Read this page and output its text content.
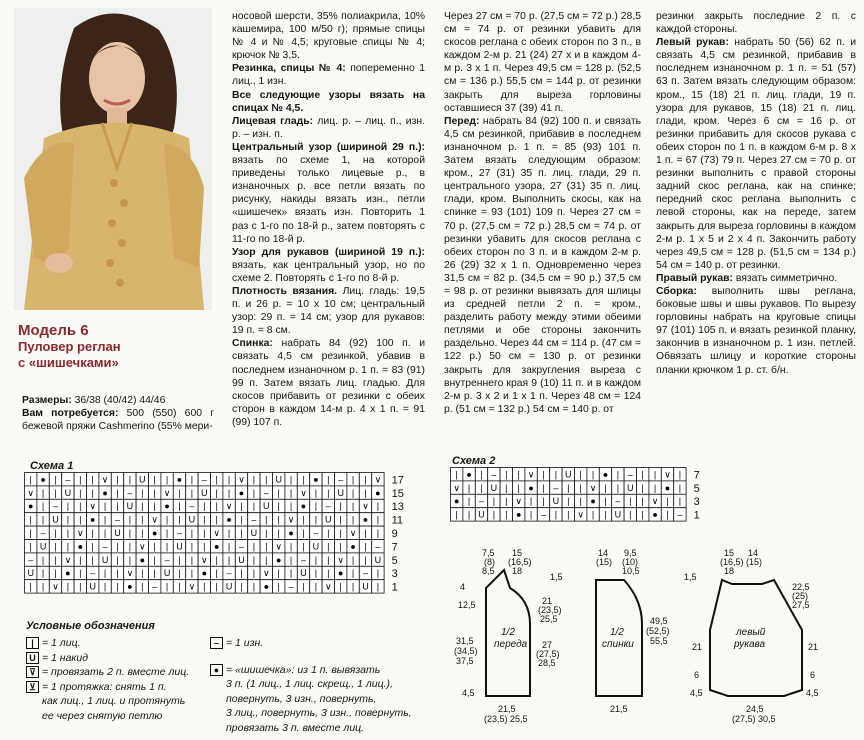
Модель 6
Пуловер реглан
с «шишечками»

Размеры: 36/38 (40/42) 44/46

Вам потребуется: 500 (550) 600 г бежевой пряжи Cashmerino (55% мери-

носовой шерсти, 35% полиакрила, 10% кашемира, 100 м/50 г); прямые спицы № 4 и № 4,5; круговые спицы № 4; крючок № 3,5.

Резинка, спицы № 4: попеременно 1 лиц., 1 изн.

Все следующие узоры вязать на спицах № 4,5.

Лицевая гладь: лиц. р. – лиц. п., изн. р. – изн. п.

Центральный узор (шириной 29 п.): вязать по схеме 1, на которой приведены только лицевые р., в изнаночных р. все петли вязать по рисунку, накиды вязать изн., петли «шишечек» вязать изн. Повторить 1 раз с 1-го по 18-й р., затем повторять с 11-го по 18-й р.

Узор для рукавов (шириной 19 п.): вязать, как центральный узор, но по схеме 2. Повторять с 1-го по 8-й р.

Плотность вязания. Лиц. гладь: 19,5 п. и 26 р. = 10 х 10 см; центральный узор: 29 п. = 14 см; узор для рукавов: 19 п. = 8 см.

Спинка: набрать 84 (92) 100 п. и связать 4,5 см резинкой, убавив в последнем изнаночном р. 1 п. = 83 (91) 99 п. Затем вязать лиц. гладью. Для скосов прибавить от резинки с обеих сторон в каждом 14-м р. 4 х 1 п. = 91 (99) 107 п.

Через 27 см = 70 р. (27,5 см = 72 р.) 28,5 см = 74 р. от резинки убавить для скосов реглана с обеих сторон по 3 п., в каждом 2-м р. 21 (24) 27 х и в каждом 4-м р. 3 х 1 п. Через 49,5 см = 128 р. (52,5 см = 136 р.) 55,5 см = 144 р. от резинки закрыть для выреза горловины оставшиеся 37 (39) 41 п.

Перед: набрать 84 (92) 100 п. и связать 4,5 см резинкой, прибавив в последнем изнаночном р. 1 п. = 85 (93) 101 п. Затем вязать следующим образом: кром., 27 (31) 35 п. лиц. глади, 29 п. центрального узора, 27 (31) 35 п. лиц. глади, кром. Выполнить скосы, как на спинке = 93 (101) 109 п. Через 27 см = 70 р. (27,5 см = 72 р.) 28,5 см = 74 р. от резинки убавить для скосов реглана с обеих сторон по 3 п. и в каждом 2-м р. 26 (29) 32 х 1 п. Одновременно через 31,5 см = 82 р. (34,5 см = 90 р.) 37,5 см = 98 р. от резинки вывязать для шлицы из средней петли 2 п. = кром., разделить работу между этими обеими петлями и обе стороны закончить раздельно. Через 44 см = 114 р. (47 см = 122 р.) 50 см = 130 р. от резинки закрыть для закругления выреза с внутреннего края 9 (10) 11 п. и в каждом 2-м р. 3 х 2 и 1 х 1 п. Через 48 см = 124 р. (51 см = 132 р.) 54 см = 140 р. от

резинки закрыть последние 2 п. с каждой стороны.

Левый рукав: набрать 50 (56) 62 п. и связать 4,5 см резинкой, прибавив в последнем изнаночном р. 1 п. = 51 (57) 63 п. Затем вязать следующим образом: кром., 15 (18) 21 п. лиц. глади, 19 п. узора для рукавов, 15 (18) 21 п. лиц. глади, кром. Через 6 см = 16 р. от резинки прибавить для скосов рукава с обеих сторон по 1 п. в каждом 6-м р. 8 х 1 п. = 67 (73) 79 п. Через 27 см = 70 р. от резинки выполнить с правой стороны задний скос реглана, как на спинке; передний скос реглана выполнить с левой стороны, как на переде, затем закрыть для выреза горловины в каждом 2-м р. 1 х 5 и 2 х 4 п. Закончить работу через 49,5 см = 128 р. (51,5 см = 134 р.) 54 см = 140 р. от резинки.

Правый рукав: вязать симметрично.

Сборка: выполнить швы реглана, боковые швы и швы рукавов. По вырезу горловины набрать на круговые спицы 97 (101) 105 п. и вязать резинкой планку, закончив в изнаночном р. 1 изн. петлей. Обвязать шлицу и короткие стороны планки крючком 1 р. ст. б/н.

Схема 1
| ● | – | | ∨ | | U | | ● | – | | ∨ | | U | | ● | – | | ∨ 17
∨ | | U | | ● | – | | ∨ | | U | | ● | – | | ∨ | | U | | ● 15
● | – | | ∨ | | U | | ● | – | | ∨ | | U | | ● | – | | ∨ | 13
| | U | | ● | – | | ∨ | | U | | ● | – | | ∨ | | U | | ● | 11
| – | | ∨ | | U | | ● | – | | ∨ | | U | | ● | – | | ∨ | | 9
| U | | ● | – | | ∨ | | U | | ● | – | | ∨ | | U | | ● | – 7
– | | ∨ | | U | | ● | – | | ∨ | | U | | ● | – | | ∨ | | U 5
U | | ● | – | | ∨ | | U | | ● | – | | ∨ | | U | | ● | – | 3
| | ∨ | | U | | ● | – | | ∨ | | U | | ● | – | | ∨ | | U | 1
Схема 2
| ● | – | | ∨ | | U | | ● | – | | ∨ | 7
∨ | | U | | ● | – | | ∨ | | U | | ● | 5
● | – | | ∨ | | U | | ● | – | | ∨ | | 3
| | U | | ● | – | | ∨ | | U | | ● | – 1
Условные обозначения
| = 1 лиц.
U = 1 накид
⊽ = провязать 2 п. вместе лиц.
⊻ = 1 протяжка: снять 1 п.
как лиц., 1 лиц. и протянуть
ее через снятую петлю
– = 1 изн.
● = «шишечка»: из 1 п. вывязать
3 п. (1 лиц., 1 лиц. скрещ., 1 лиц.),
повернуть, 3 изн., повернуть,
3 лиц., повернуть, 3 изн., повернуть,
провязать 3 п. вместе лиц.
1/2
переда
7,5
(8)
8,5
15
(16,5)
18
1,5
4
12,5
31,5
(34,5)
37,5
21
(23,5)
25,5
27
(27,5)
28,5
4,5
21,5
(23,5) 25,5
1/2
спинки
14
(15)
9,5
(10)
10,5
49,5
(52,5)
55,5
21,5
левый
рукава
15
(16,5)
18
14
(15)
1,5
22,5
(25)
27,5
21	21
6	6
4,5	4,5
24,5
(27,5) 30,5
